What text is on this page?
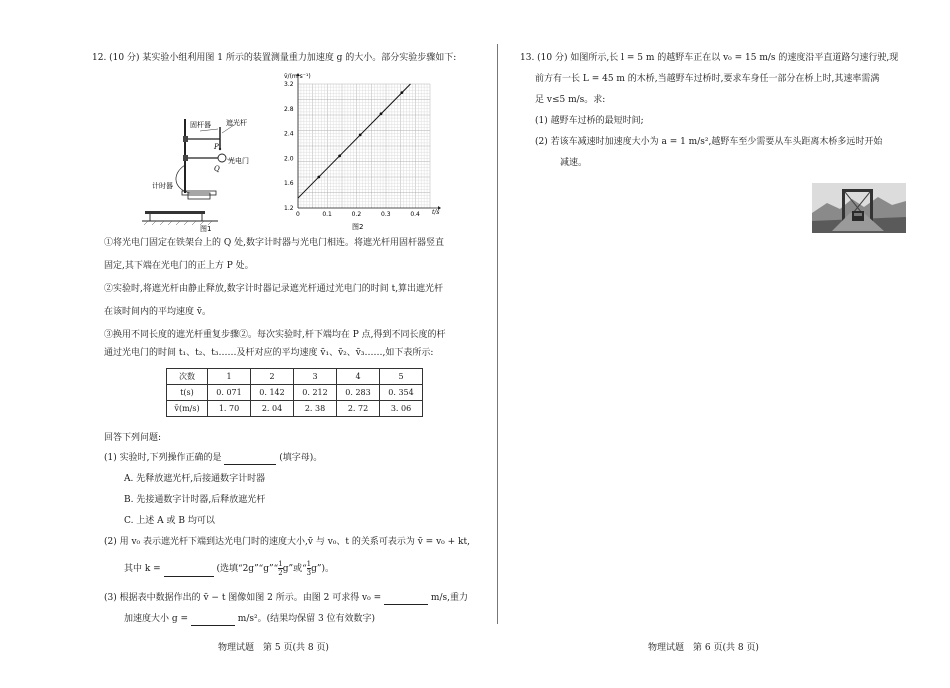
12. (10 分) 某实验小组利用图 1 所示的装置测量重力加速度 g 的大小。部分实验步骤如下:
固杆器 遮光杆
P
Q
光电门
计时器
图1
0	0.1	0.2	0.3	0.4
1.2
1.6
2.0
2.4
2.8
3.2
v̄/(m·s⁻¹)
t/s
图2
①将光电门固定在铁架台上的 Q 处,数字计时器与光电门相连。将遮光杆用固杆器竖直
固定,其下端在光电门的正上方 P 处。
②实验时,将遮光杆由静止释放,数字计时器记录遮光杆通过光电门的时间 t,算出遮光杆
在该时间内的平均速度 v̄。
③换用不同长度的遮光杆重复步骤②。每次实验时,杆下端均在 P 点,得到不同长度的杆
通过光电门的时间 t₁、t₂、t₃……及杆对应的平均速度 v̄₁、v̄₂、v̄₃……,如下表所示:
次数	1	2	3	4	5
t(s)	0. 071	0. 142	0. 212	0. 283	0. 354
v̄(m/s)	1. 70	2. 04	2. 38	2. 72	3. 06
回答下列问题:
(1) 实验时,下列操作正确的是	(填字母)。
A. 先释放遮光杆,后接通数字计时器
B. 先接通数字计时器,后释放遮光杆
C. 上述 A 或 B 均可以
(2) 用 v₀ 表示遮光杆下端到达光电门时的速度大小,v̄ 与 v₀、t 的关系可表示为 v̄ = v₀ + kt,
其中 k =	(选填“2g”“g”“ $\frac{1}{2} g$”或“ $\frac{1}{3}$ g”)。
(3) 根据表中数据作出的 v̄ − t 图像如图 2 所示。由图 2 可求得 v₀ =	m/s,重力
加速度大小 g =	m/s²。(结果均保留 3 位有效数字)
13. (10 分) 如图所示,长 l = 5 m 的越野车正在以 v₀ = 15 m/s 的速度沿平直道路匀速行驶,现
前方有一长 L = 45 m 的木桥,当越野车过桥时,要求车身任一部分在桥上时,其速率需满
足 v≤5 m/s。求:
(1) 越野车过桥的最短时间;
(2) 若该车减速时加速度大小为 a = 1 m/s²,越野车至少需要从车头距离木桥多远时开始
减速。
物理试题　第 5 页(共 8 页)	物理试题　第 6 页(共 8 页)
